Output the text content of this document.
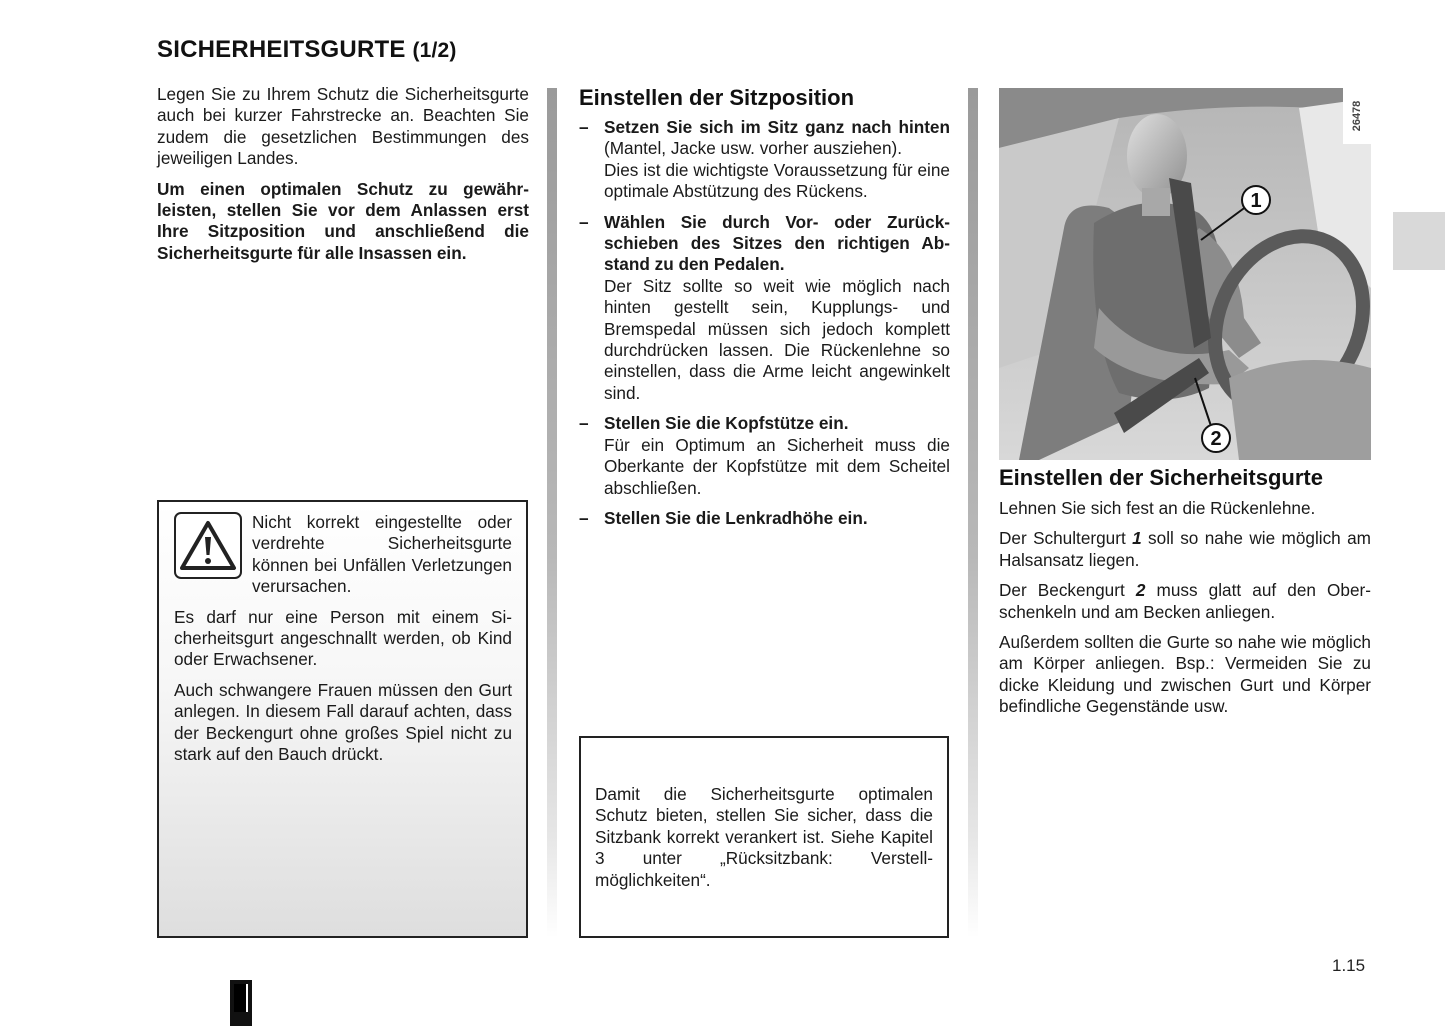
SICHERHEITSGURTE (1/2)

Legen Sie zu Ihrem Schutz die Sicherheitsgurte auch bei kurzer Fahrstrecke an. Beachten Sie zudem die gesetzlichen Bestimmungen des jeweiligen Landes.

Um einen optimalen Schutz zu gewährleisten, stellen Sie vor dem Anlassen erst Ihre Sitzposition und anschließend die Sicherheitsgurte für alle Insassen ein.

Nicht korrekt eingestellte oder verdrehte Sicherheitsgurte können bei Unfällen Verletzungen verursachen.

Es darf nur eine Person mit einem Sicherheitsgurt angeschnallt werden, ob Kind oder Erwachsener.

Auch schwangere Frauen müssen den Gurt anlegen. In diesem Fall darauf achten, dass der Beckengurt ohne großes Spiel nicht zu stark auf den Bauch drückt.

Einstellen der Sitzposition
– Setzen Sie sich im Sitz ganz nach hinten (Mantel, Jacke usw. vorher ausziehen).
Dies ist die wichtigste Voraussetzung für eine optimale Abstützung des Rückens.
– Wählen Sie durch Vor- oder Zurückschieben des Sitzes den richtigen Abstand zu den Pedalen.
Der Sitz sollte so weit wie möglich nach hinten gestellt sein, Kupplungs- und Bremspedal müssen sich jedoch komplett durchdrücken lassen. Die Rückenlehne so einstellen, dass die Arme leicht angewinkelt sind.
– Stellen Sie die Kopfstütze ein.
Für ein Optimum an Sicherheit muss die Oberkante der Kopfstütze mit dem Scheitel abschließen.
– Stellen Sie die Lenkradhöhe ein.
Damit die Sicherheitsgurte optimalen Schutz bieten, stellen Sie sicher, dass die Sitzbank korrekt verankert ist. Siehe Kapitel 3 unter „Rücksitzbank: Verstellmöglichkeiten“.
1
2
26478
Einstellen der Sicherheitsgurte

Lehnen Sie sich fest an die Rückenlehne.

Der Schultergurt 1 soll so nahe wie möglich am Halsansatz liegen.

Der Beckengurt 2 muss glatt auf den Oberschenkeln und am Becken anliegen.

Außerdem sollten die Gurte so nahe wie möglich am Körper anliegen. Bsp.: Vermeiden Sie zu dicke Kleidung und zwischen Gurt und Körper befindliche Gegenstände usw.

1.15
